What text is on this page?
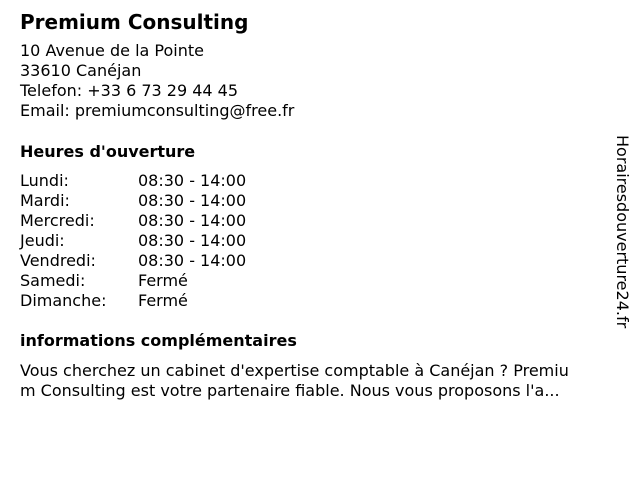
Premium Consulting
10 Avenue de la Pointe
33610 Canéjan
Telefon: +33 6 73 29 44 45
Email: premiumconsulting@free.fr
Heures d'ouverture
Lundi:	08:30 - 14:00
Mardi:	08:30 - 14:00
Mercredi:	08:30 - 14:00
Jeudi:	08:30 - 14:00
Vendredi:	08:30 - 14:00
Samedi:	Fermé
Dimanche:	Fermé
informations complémentaires
Vous cherchez un cabinet d'expertise comptable à Canéjan ? Premium Consulting est votre partenaire fiable. Nous vous proposons l'a...
Horairesdouverture24.fr
